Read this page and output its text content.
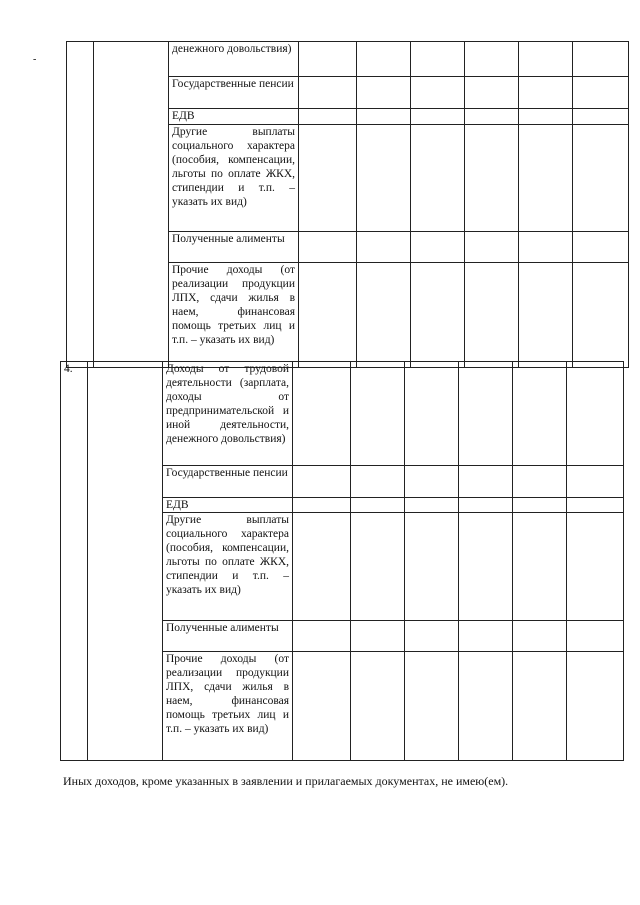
-
		денежного довольствия)						
		Государственные пенсии						
		ЕДВ						
		Другие выплаты социального характера (пособия, компенсации, льготы по оплате ЖКХ, стипендии и т.п. – указать их вид)						
		Полученные алименты						
		Прочие доходы (от реализации продукции ЛПХ, сдачи жилья в наем, финансовая помощь третьих лиц и т.п. – указать их вид)						
4.		Доходы от трудовой деятельности (зарплата, доходы от предпринимательской и иной деятельности, денежного довольствия)						
		Государственные пенсии						
		ЕДВ						
		Другие выплаты социального характера (пособия, компенсации, льготы по оплате ЖКХ, стипендии и т.п. – указать их вид)						
		Полученные алименты						
		Прочие доходы (от реализации продукции ЛПХ, сдачи жилья в наем, финансовая помощь третьих лиц и т.п. – указать их вид)						
Иных доходов, кроме указанных в заявлении и прилагаемых документах, не имею(ем).
